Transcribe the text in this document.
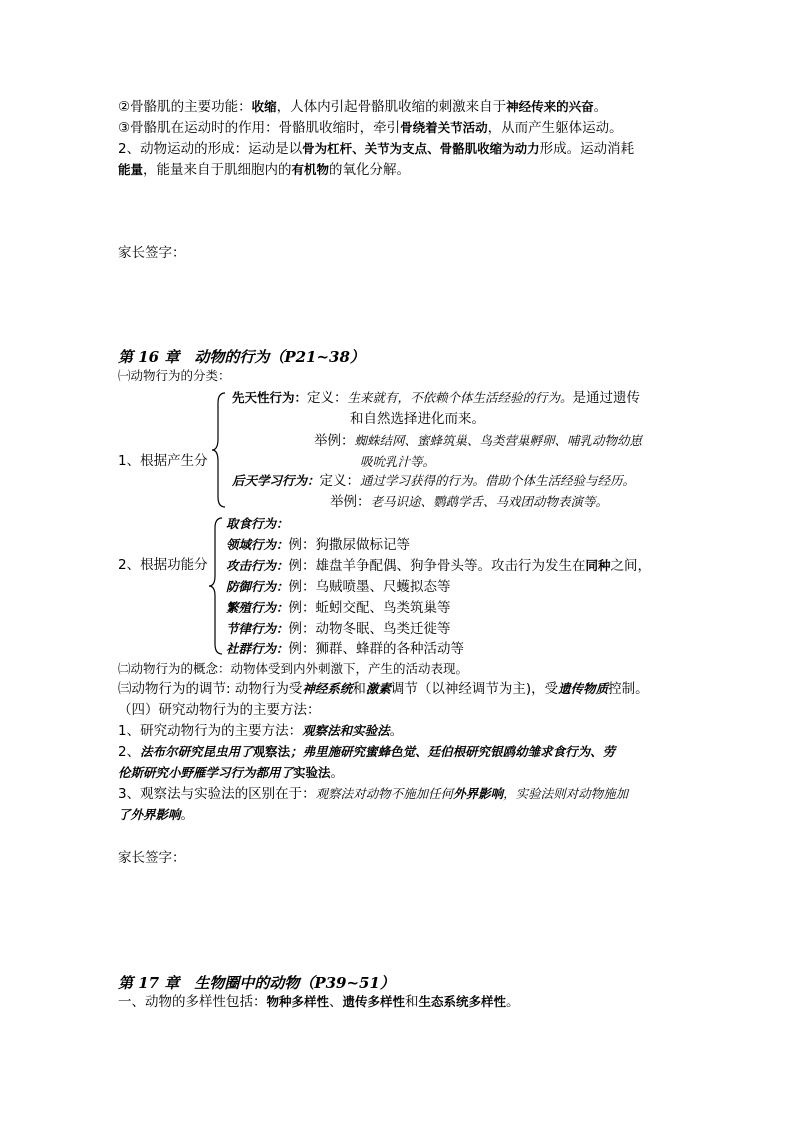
②骨骼肌的主要功能：收缩，人体内引起骨骼肌收缩的刺激来自于神经传来的兴奋。
③骨骼肌在运动时的作用：骨骼肌收缩时，牵引骨绕着关节活动，从而产生躯体运动。
2、动物运动的形成：运动是以骨为杠杆、关节为支点、骨骼肌收缩为动力形成。运动消耗
能量，能量来自于肌细胞内的有机物的氧化分解。
家长签字：
第 16 章　动物的行为（P21~38）
㈠动物行为的分类：
1、根据产生分
先天性行为：定义：生来就有，不依赖个体生活经验的行为。是通过遗传
和自然选择进化而来。
举例：蜘蛛结网、蜜蜂筑巢、鸟类营巢孵卵、哺乳动物幼崽
吸吮乳汁等。
后天学习行为：定义：通过学习获得的行为。借助个体生活经验与经历。
举例：老马识途、鹦鹉学舌、马戏团动物表演等。
2、根据功能分
取食行为：
领域行为：例：狗撒尿做标记等
攻击行为：例：雄盘羊争配偶、狗争骨头等。攻击行为发生在同种之间，
防御行为：例：乌贼喷墨、尺蠖拟态等
繁殖行为：例：蚯蚓交配、鸟类筑巢等
节律行为：例：动物冬眠、鸟类迁徙等
社群行为：例：狮群、蜂群的各种活动等
㈡动物行为的概念：动物体受到内外刺激下，产生的活动表现。
㈢动物行为的调节: 动物行为受神经系统和激素调节（以神经调节为主)，受遗传物质控制。
（四）研究动物行为的主要方法：
1、研究动物行为的主要方法：观察法和实验法。
2、法布尔研究昆虫用了观察法；弗里施研究蜜蜂色觉、廷伯根研究银鸥幼雏求食行为、劳
伦斯研究小野雁学习行为都用了实验法。
3、观察法与实验法的区别在于：观察法对动物不施加任何外界影响，实验法则对动物施加
了外界影响。
家长签字：
第 17 章　生物圈中的动物（P39~51）
一、动物的多样性包括：物种多样性、遗传多样性和生态系统多样性。
